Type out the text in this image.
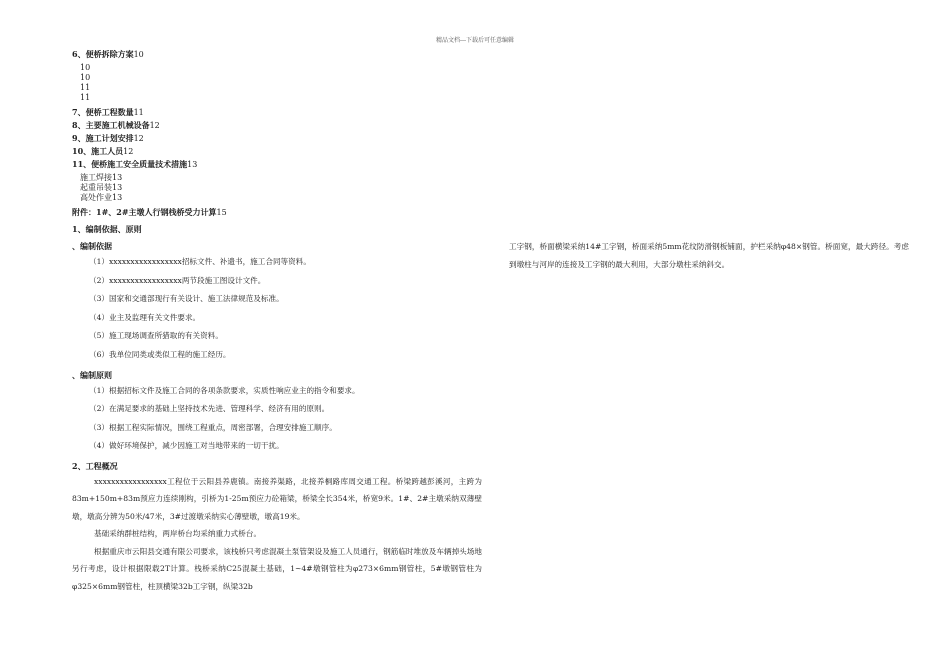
精品文档---下载后可任意编辑
6、便桥拆除方案10
10
10
11
11
7、便桥工程数量11
8、主要施工机械设备12
9、施工计划安排12
10、施工人员12
11、便桥施工安全质量技术措施13
施工焊接13
起重吊装13
高处作业13
附件：1#、2#主墩人行钢栈桥受力计算15
1、编制依据、原则
、编制依据
（1）xxxxxxxxxxxxxxxxx招标文件、补遗书，施工合同等资料。
（2）xxxxxxxxxxxxxxxxx两节段施工图设计文件。
（3）国家和交通部现行有关设计、施工法律规范及标准。
（4）业主及监理有关文件要求。
（5）施工现场调查所猎取的有关资料。
（6）我单位同类或类似工程的施工经历。
、编制原则
（1）根据招标文件及施工合同的各项条款要求，实质性响应业主的指令和要求。
（2）在满足要求的基础上坚持技术先进、管理科学、经济有用的原则。
（3）根据工程实际情况，围绕工程重点，周密部署，合理安排施工顺序。
（4）做好环境保护，减少因施工对当地带来的一切干扰。
2、工程概况

xxxxxxxxxxxxxxxxx工程位于云阳县养鹿镇。南接养渠路，北接养桐路库周交通工程。桥梁跨越彭溪河，主跨为83m+150m+83m预应力连续刚构，引桥为1-25m预应力砼箱梁，桥梁全长354米，桥宽9米。1#、2#主墩采纳双薄壁墩，墩高分辨为50米/47米，3#过渡墩采纳实心薄壁墩，墩高19米。

基础采纳群桩结构，两岸桥台均采纳重力式桥台。

根据重庆市云阳县交通有限公司要求，该栈桥只考虑混凝土泵管架设及施工人员通行，钢筋临时堆放及车辆掉头场地另行考虑，设计根据限载2T计算。栈桥采纳C25混凝土基础，1~4#墩钢管柱为φ273×6mm钢管柱，5#墩钢管柱为φ325×6mm钢管柱，柱顶横梁32b工字钢，纵梁32b

工字钢，桥面横梁采纳14#工字钢，桥面采纳5mm花纹防滑钢板铺面，护栏采纳φ48×钢管。桥面宽，最大跨径。考虑到墩柱与河岸的连接及工字钢的最大利用，大部分墩柱采纳斜交。
